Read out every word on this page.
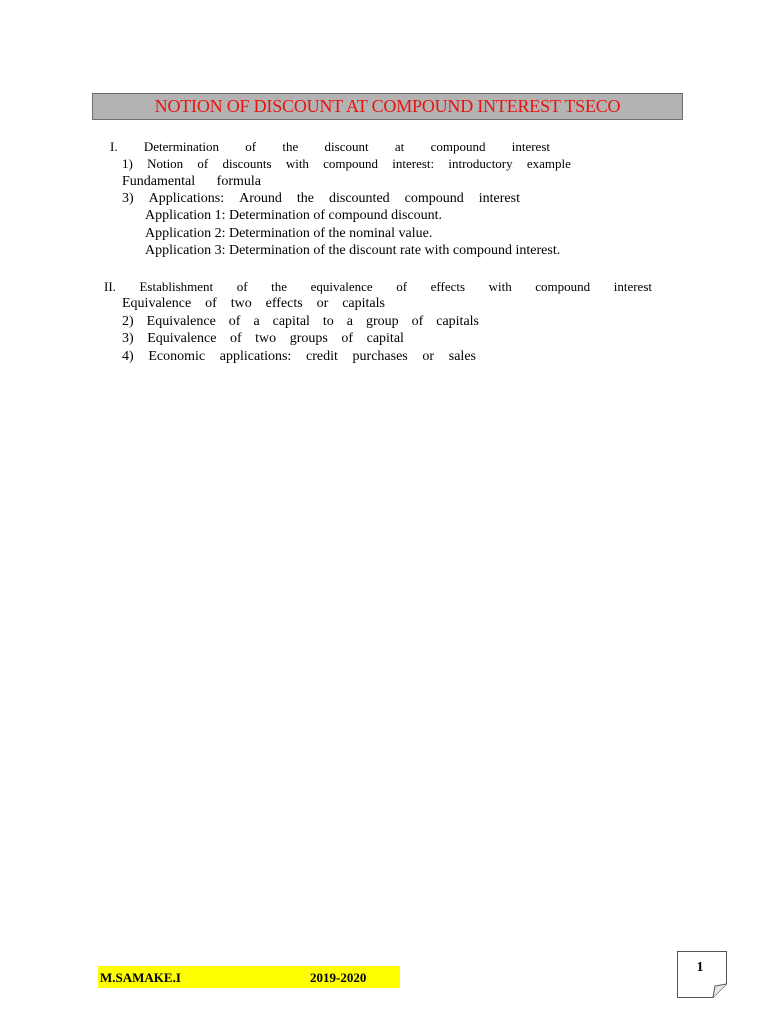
NOTION OF DISCOUNT AT COMPOUND INTEREST TSECO
I. Determination of the discount at compound interest
1) Notion of discounts with compound interest: introductory example
Fundamental formula
3) Applications: Around the discounted compound interest
Application 1: Determination of compound discount.
Application 2: Determination of the nominal value.
Application 3: Determination of the discount rate with compound interest.
II. Establishment of the equivalence of effects with compound interest
Equivalence of two effects or capitals
2) Equivalence of a capital to a group of capitals
3) Equivalence of two groups of capital
4) Economic applications: credit purchases or sales
M.SAMAKE.I	2019-2020
1
